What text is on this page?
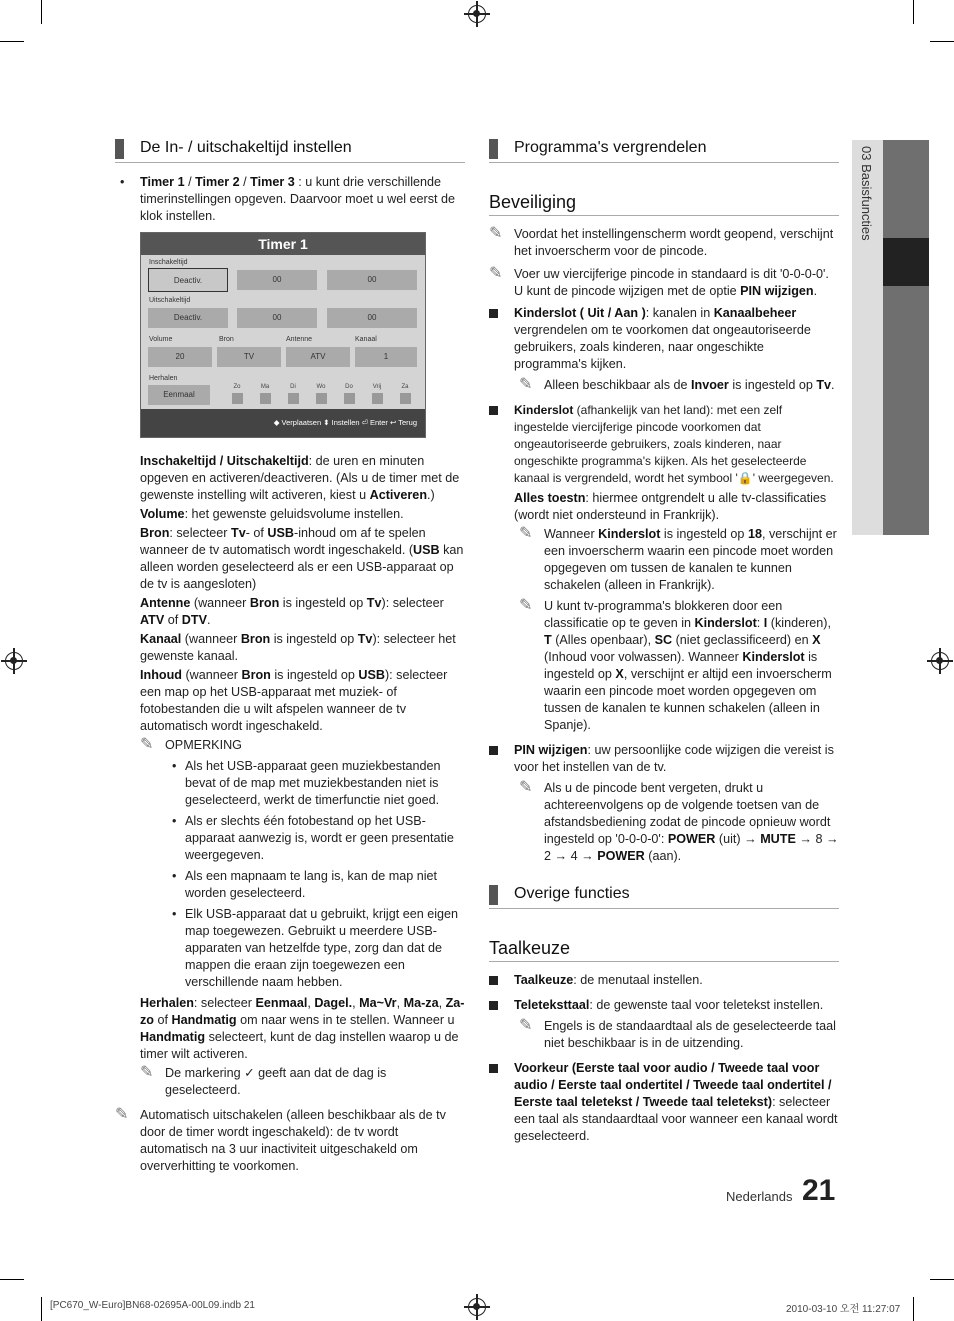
03 Basisfuncties
De In- / uitschakeltijd instellen
• Timer 1 / Timer 2 / Timer 3 : u kunt drie verschillende timerinstellingen opgeven. Daarvoor moet u wel eerst de klok instellen.
Timer 1
Inschakeltijd
Deactiv.	00	00
Uitschakeltijd
Deactiv.	00	00
Volume	Bron	Antenne	Kanaal
20	TV	ATV	1
Herhalen
Eenmaal
Zo	Ma	Di	Wo	Do	Vrij	Za
◆ Verplaatsen ⬍ Instellen ⏎ Enter ↩ Terug

Inschakeltijd / Uitschakeltijd: de uren en minuten opgeven en activeren/deactiveren. (Als u de timer met de gewenste instelling wilt activeren, kiest u Activeren.)

Volume: het gewenste geluidsvolume instellen.

Bron: selecteer Tv- of USB-inhoud om af te spelen wanneer de tv automatisch wordt ingeschakeld. (USB kan alleen worden geselecteerd als er een USB-apparaat op de tv is aangesloten)

Antenne (wanneer Bron is ingesteld op Tv): selecteer ATV of DTV.

Kanaal (wanneer Bron is ingesteld op Tv): selecteer het gewenste kanaal.

Inhoud (wanneer Bron is ingesteld op USB): selecteer een map op het USB-apparaat met muziek- of fotobestanden die u wilt afspelen wanneer de tv automatisch wordt ingeschakeld.

✎ OPMERKING
• Als het USB-apparaat geen muziekbestanden bevat of de map met muziekbestanden niet is geselecteerd, werkt de timerfunctie niet goed.
• Als er slechts één fotobestand op het USB-apparaat aanwezig is, wordt er geen presentatie weergegeven.
• Als een mapnaam te lang is, kan de map niet worden geselecteerd.
• Elk USB-apparaat dat u gebruikt, krijgt een eigen map toegewezen. Gebruikt u meerdere USB-apparaten van hetzelfde type, zorg dan dat de mappen die eraan zijn toegewezen een verschillende naam hebben.

Herhalen: selecteer Eenmaal, Dagel., Ma~Vr, Ma-za, Za-zo of Handmatig om naar wens in te stellen. Wanneer u Handmatig selecteert, kunt de dag instellen waarop u de timer wilt activeren.

✎ De markering ✓ geeft aan dat de dag is geselecteerd.
✎ Automatisch uitschakelen (alleen beschikbaar als de tv door de timer wordt ingeschakeld): de tv wordt automatisch na 3 uur inactiviteit uitgeschakeld om oververhitting te voorkomen.
Programma's vergrendelen
Beveiliging
✎ Voordat het instellingenscherm wordt geopend, verschijnt het invoerscherm voor de pincode.
✎ Voer uw viercijferige pincode in standaard is dit '0-0-0-0'. U kunt de pincode wijzigen met de optie PIN wijzigen.
Kinderslot ( Uit / Aan ): kanalen in Kanaalbeheer vergrendelen om te voorkomen dat ongeautoriseerde gebruikers, zoals kinderen, naar ongeschikte programma's kijken.
✎ Alleen beschikbaar als de Invoer is ingesteld op Tv.
Kinderslot (afhankelijk van het land): met een zelf ingestelde viercijferige pincode voorkomen dat ongeautoriseerde gebruikers, zoals kinderen, naar ongeschikte programma's kijken. Als het geselecteerde kanaal is vergrendeld, wordt het symbool '🔒' weergegeven.
Alles toestn: hiermee ontgrendelt u alle tv-classificaties (wordt niet ondersteund in Frankrijk).
✎ Wanneer Kinderslot is ingesteld op 18, verschijnt er een invoerscherm waarin een pincode moet worden opgegeven om tussen de kanalen te kunnen schakelen (alleen in Frankrijk).
✎ U kunt tv-programma's blokkeren door een classificatie op te geven in Kinderslot: I (kinderen), T (Alles openbaar), SC (niet geclassificeerd) en X (Inhoud voor volwassen). Wanneer Kinderslot is ingesteld op X, verschijnt er altijd een invoerscherm waarin een pincode moet worden opgegeven om tussen de kanalen te kunnen schakelen (alleen in Spanje).
PIN wijzigen: uw persoonlijke code wijzigen die vereist is voor het instellen van de tv.
✎ Als u de pincode bent vergeten, drukt u achtereenvolgens op de volgende toetsen van de afstandsbediening zodat de pincode opnieuw wordt ingesteld op '0-0-0-0': POWER (uit) → MUTE → 8 → 2 → 4 → POWER (aan).
Overige functies
Taalkeuze
Taalkeuze: de menutaal instellen.
Teleteksttaal: de gewenste taal voor teletekst instellen.
✎ Engels is de standaardtaal als de geselecteerde taal niet beschikbaar is in de uitzending.
Voorkeur (Eerste taal voor audio / Tweede taal voor audio / Eerste taal ondertitel / Tweede taal ondertitel / Eerste taal teletekst / Tweede taal teletekst): selecteer een taal als standaardtaal voor wanneer een kanaal wordt geselecteerd.
Nederlands 21
[PC670_W-Euro]BN68-02695A-00L09.indb 21	2010-03-10 오전 11:27:07
